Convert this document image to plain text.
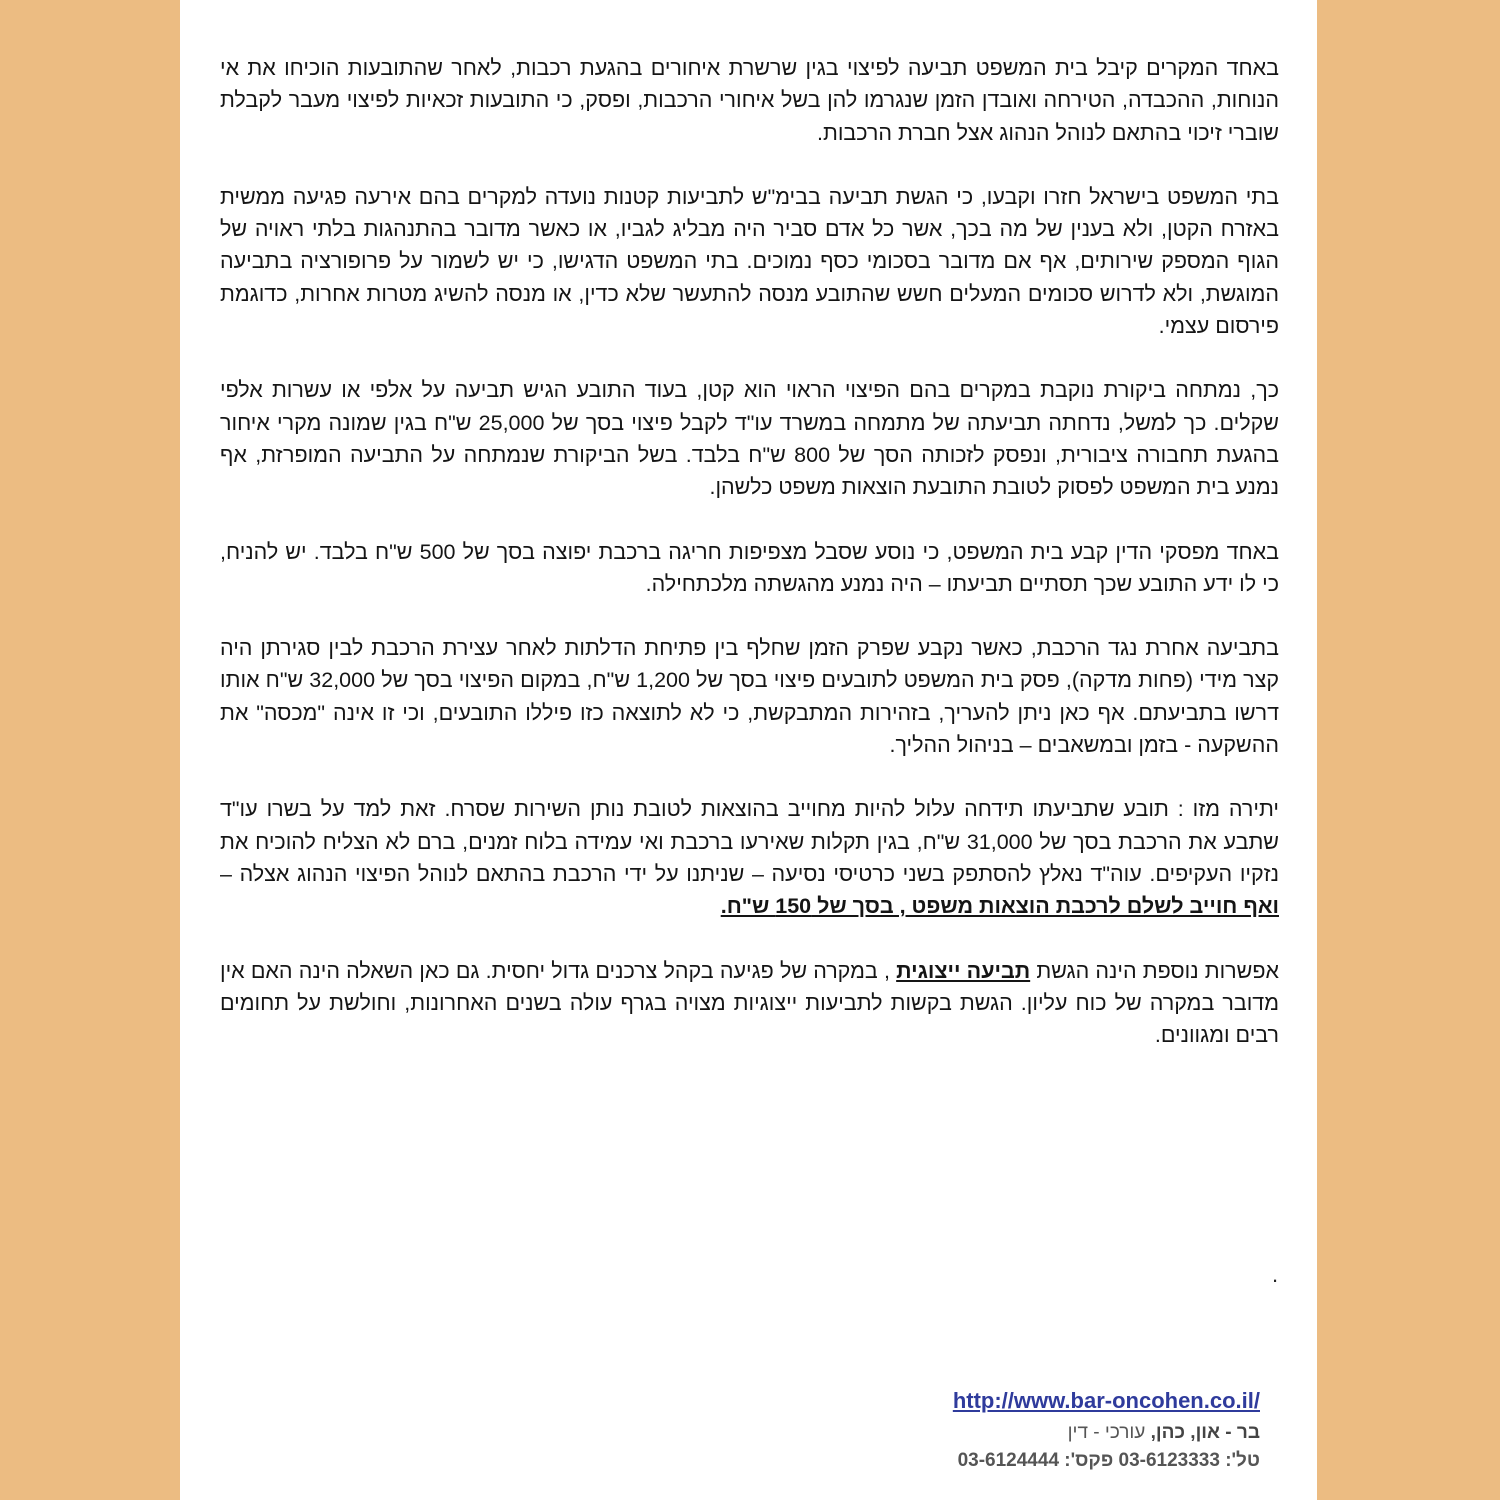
באחד המקרים קיבל בית המשפט תביעה לפיצוי בגין שרשרת איחורים בהגעת רכבות, לאחר שהתובעות הוכיחו את אי הנוחות, ההכבדה, הטירחה ואובדן הזמן שנגרמו להן בשל איחורי הרכבות, ופסק, כי התובעות זכאיות לפיצוי מעבר לקבלת שוברי זיכוי בהתאם לנוהל הנהוג אצל חברת הרכבות.

בתי המשפט בישראל חזרו וקבעו, כי הגשת תביעה בבימ"ש לתביעות קטנות נועדה למקרים בהם אירעה פגיעה ממשית באזרח הקטן, ולא בענין של מה בכך, אשר כל אדם סביר היה מבליג לגביו, או כאשר מדובר בהתנהגות בלתי ראויה של הגוף המספק שירותים, אף אם מדובר בסכומי כסף נמוכים. בתי המשפט הדגישו, כי יש לשמור על פרופורציה בתביעה המוגשת, ולא לדרוש סכומים המעלים חשש שהתובע מנסה להתעשר שלא כדין, או מנסה להשיג מטרות אחרות, כדוגמת פירסום עצמי.

כך, נמתחה ביקורת נוקבת במקרים בהם הפיצוי הראוי הוא קטן, בעוד התובע הגיש תביעה על אלפי או עשרות אלפי שקלים. כך למשל, נדחתה תביעתה של מתמחה במשרד עו"ד לקבל פיצוי בסך של 25,000 ש"ח בגין שמונה מקרי איחור בהגעת תחבורה ציבורית, ונפסק לזכותה הסך של 800 ש"ח בלבד. בשל הביקורת שנמתחה על התביעה המופרזת, אף נמנע בית המשפט לפסוק לטובת התובעת הוצאות משפט כלשהן.

באחד מפסקי הדין קבע בית המשפט, כי נוסע שסבל מצפיפות חריגה ברכבת יפוצה בסך של 500 ש"ח בלבד. יש להניח, כי לו ידע התובע שכך תסתיים תביעתו – היה נמנע מהגשתה מלכתחילה.

בתביעה אחרת נגד הרכבת, כאשר נקבע שפרק הזמן שחלף בין פתיחת הדלתות לאחר עצירת הרכבת לבין סגירתן היה קצר מידי (פחות מדקה), פסק בית המשפט לתובעים פיצוי בסך של 1,200 ש"ח, במקום הפיצוי בסך של 32,000 ש"ח אותו דרשו בתביעתם. אף כאן ניתן להעריך, בזהירות המתבקשת, כי לא לתוצאה כזו פיללו התובעים, וכי זו אינה "מכסה" את ההשקעה - בזמן ובמשאבים – בניהול ההליך.

יתירה מזו : תובע שתביעתו תידחה עלול להיות מחוייב בהוצאות לטובת נותן השירות שסרח. זאת למד על בשרו עו"ד שתבע את הרכבת בסך של 31,000 ש"ח, בגין תקלות שאירעו ברכבת ואי עמידה בלוח זמנים, ברם לא הצליח להוכיח את נזקיו העקיפים. עוה"ד נאלץ להסתפק בשני כרטיסי נסיעה – שניתנו על ידי הרכבת בהתאם לנוהל הפיצוי הנהוג אצלה – ואף חוייב לשלם לרכבת הוצאות משפט , בסך של 150 ש"ח.

אפשרות נוספת הינה הגשת תביעה ייצוגית , במקרה של פגיעה בקהל צרכנים גדול יחסית. גם כאן השאלה הינה האם אין מדובר במקרה של כוח עליון. הגשת בקשות לתביעות ייצוגיות מצויה בגרף עולה בשנים האחרונות, וחולשת על תחומים רבים ומגוונים.

.
http://www.bar-oncohen.co.il/
בר - און, כהן, עורכי - דין
טל': 03-6123333 פקס': 03-6124444
